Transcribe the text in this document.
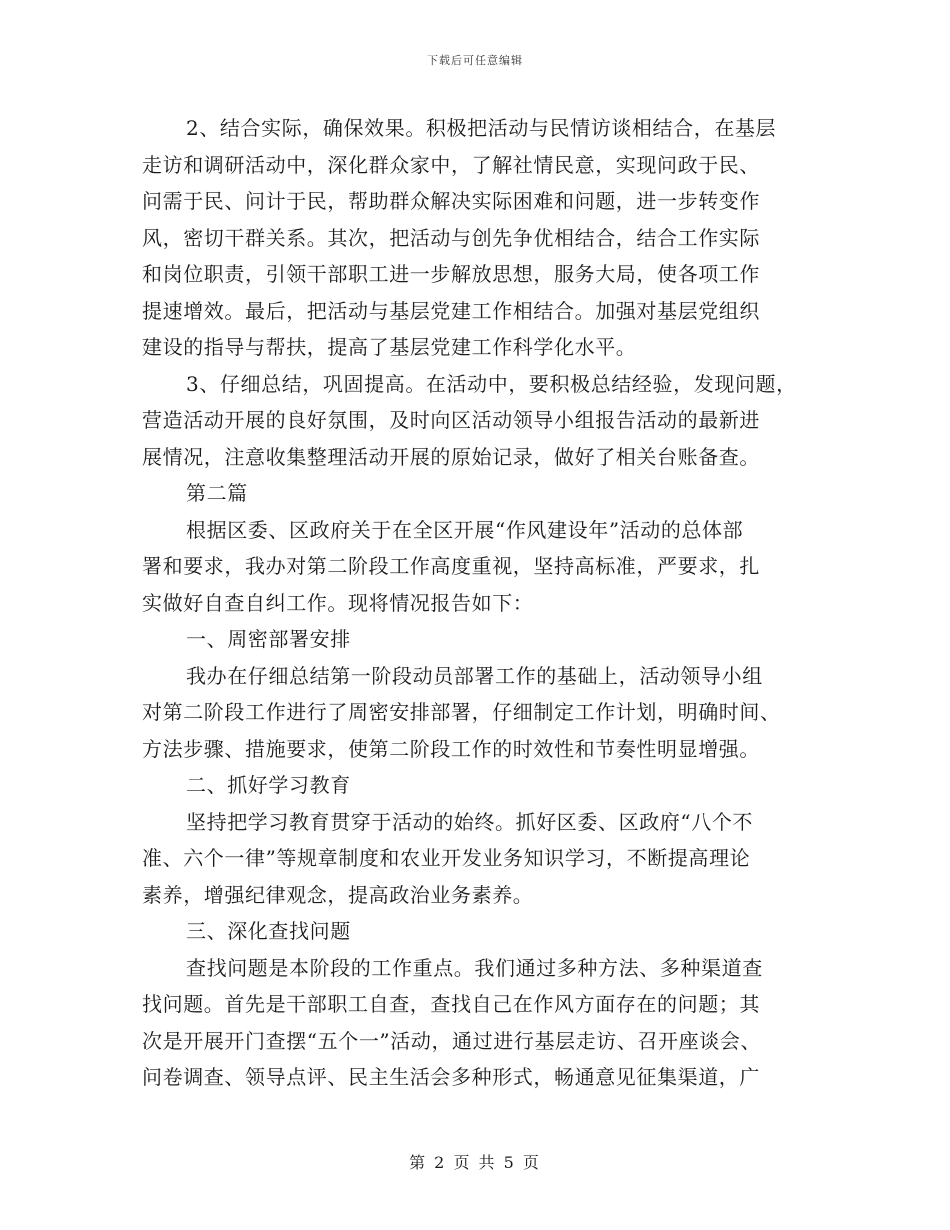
下载后可任意编辑
2、结合实际，确保效果。积极把活动与民情访谈相结合，在基层
走访和调研活动中，深化群众家中，了解社情民意，实现问政于民、
问需于民、问计于民，帮助群众解决实际困难和问题，进一步转变作
风，密切干群关系。其次，把活动与创先争优相结合，结合工作实际
和岗位职责，引领干部职工进一步解放思想，服务大局，使各项工作
提速增效。最后，把活动与基层党建工作相结合。加强对基层党组织
建设的指导与帮扶，提高了基层党建工作科学化水平。
3、仔细总结，巩固提高。在活动中，要积极总结经验，发现问题，
营造活动开展的良好氛围，及时向区活动领导小组报告活动的最新进
展情况，注意收集整理活动开展的原始记录，做好了相关台账备查。
第二篇
根据区委、区政府关于在全区开展“作风建设年”活动的总体部
署和要求，我办对第二阶段工作高度重视，坚持高标准，严要求，扎
实做好自查自纠工作。现将情况报告如下：
一、周密部署安排
我办在仔细总结第一阶段动员部署工作的基础上，活动领导小组
对第二阶段工作进行了周密安排部署，仔细制定工作计划，明确时间、
方法步骤、措施要求，使第二阶段工作的时效性和节奏性明显增强。
二、抓好学习教育
坚持把学习教育贯穿于活动的始终。抓好区委、区政府“八个不
准、六个一律”等规章制度和农业开发业务知识学习，不断提高理论
素养，增强纪律观念，提高政治业务素养。
三、深化查找问题
查找问题是本阶段的工作重点。我们通过多种方法、多种渠道查
找问题。首先是干部职工自查，查找自己在作风方面存在的问题；其
次是开展开门查摆“五个一”活动，通过进行基层走访、召开座谈会、
问卷调查、领导点评、民主生活会多种形式，畅通意见征集渠道，广
第 2 页 共 5 页
